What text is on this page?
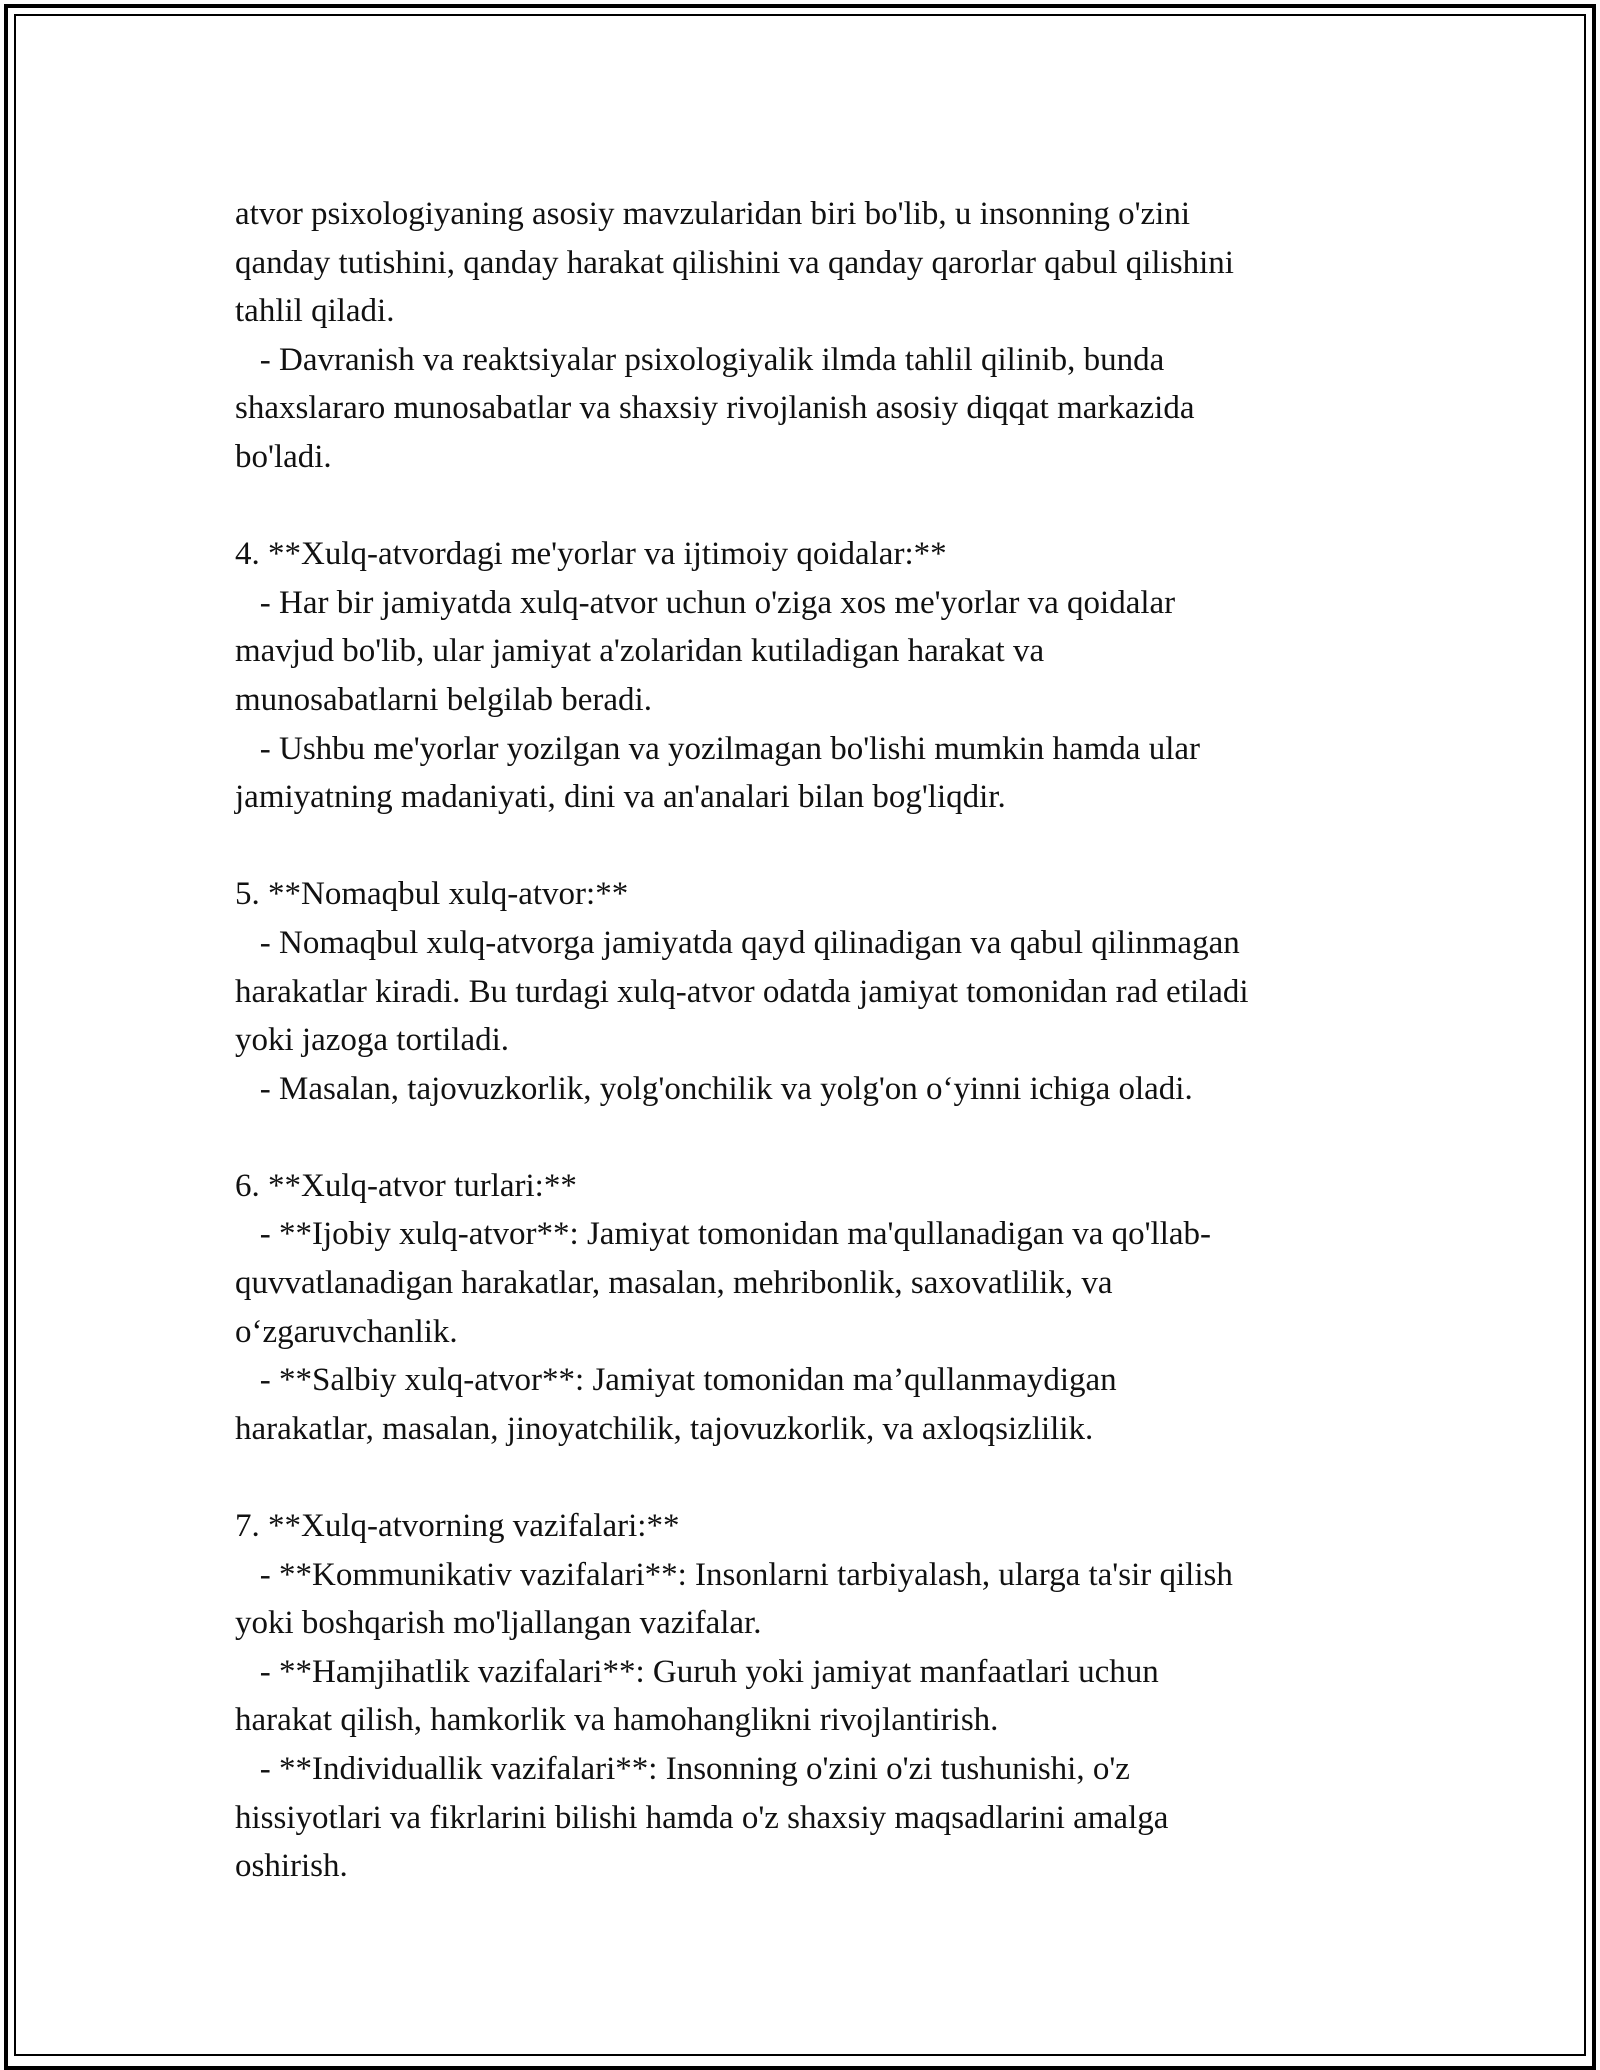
atvor psixologiyaning asosiy mavzularidan biri bo'lib, u insonning o'zini
qanday tutishini, qanday harakat qilishini va qanday qarorlar qabul qilishini
tahlil qiladi.
- Davranish va reaktsiyalar psixologiyalik ilmda tahlil qilinib, bunda
shaxslararo munosabatlar va shaxsiy rivojlanish asosiy diqqat markazida
bo'ladi.
4. **Xulq-atvordagi me'yorlar va ijtimoiy qoidalar:**
- Har bir jamiyatda xulq-atvor uchun o'ziga xos me'yorlar va qoidalar
mavjud bo'lib, ular jamiyat a'zolaridan kutiladigan harakat va
munosabatlarni belgilab beradi.
- Ushbu me'yorlar yozilgan va yozilmagan bo'lishi mumkin hamda ular
jamiyatning madaniyati, dini va an'analari bilan bog'liqdir.
5. **Nomaqbul xulq-atvor:**
- Nomaqbul xulq-atvorga jamiyatda qayd qilinadigan va qabul qilinmagan
harakatlar kiradi. Bu turdagi xulq-atvor odatda jamiyat tomonidan rad etiladi
yoki jazoga tortiladi.
- Masalan, tajovuzkorlik, yolg'onchilik va yolg'on o‘yinni ichiga oladi.
6. **Xulq-atvor turlari:**
- **Ijobiy xulq-atvor**: Jamiyat tomonidan ma'qullanadigan va qo'llab-
quvvatlanadigan harakatlar, masalan, mehribonlik, saxovatlilik, va
o‘zgaruvchanlik.
- **Salbiy xulq-atvor**: Jamiyat tomonidan ma’qullanmaydigan
harakatlar, masalan, jinoyatchilik, tajovuzkorlik, va axloqsizlilik.
7. **Xulq-atvorning vazifalari:**
- **Kommunikativ vazifalari**: Insonlarni tarbiyalash, ularga ta'sir qilish
yoki boshqarish mo'ljallangan vazifalar.
- **Hamjihatlik vazifalari**: Guruh yoki jamiyat manfaatlari uchun
harakat qilish, hamkorlik va hamohanglikni rivojlantirish.
- **Individuallik vazifalari**: Insonning o'zini o'zi tushunishi, o'z
hissiyotlari va fikrlarini bilishi hamda o'z shaxsiy maqsadlarini amalga
oshirish.
